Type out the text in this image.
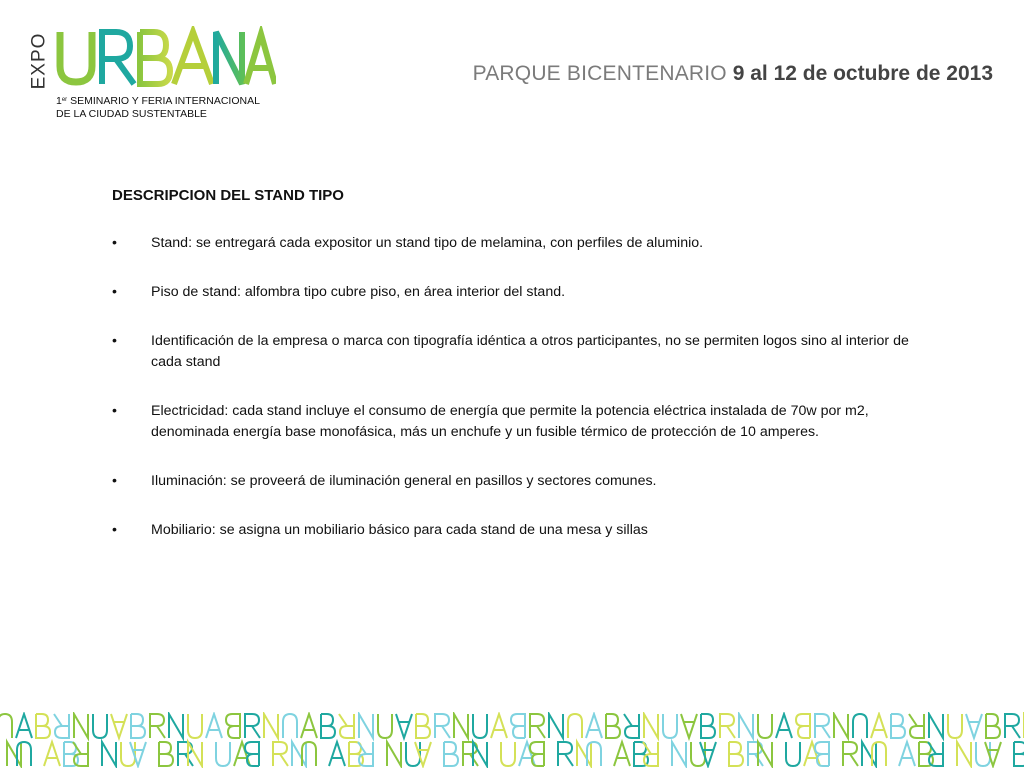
EXPO
1er SEMINARIO Y FERIA INTERNACIONAL
DE LA CIUDAD SUSTENTABLE
PARQUE BICENTENARIO 9 al 12 de octubre de 2013
DESCRIPCION DEL STAND TIPO
•	Stand: se entregará cada expositor un stand tipo de melamina, con perfiles de aluminio.
•	Piso de stand: alfombra tipo cubre piso, en área interior del stand.
•	Identificación de la empresa o marca con tipografía idéntica a otros participantes, no se permiten logos sino al interior de cada stand
•	Electricidad: cada stand incluye el consumo de energía que permite la potencia eléctrica instalada de 70w por m2, denominada energía base monofásica, más un enchufe y un fusible térmico de protección de 10 amperes.
•	Iluminación: se proveerá de iluminación general en pasillos y sectores comunes.
•	Mobiliario: se asigna un mobiliario básico para cada stand de una mesa y sillas
